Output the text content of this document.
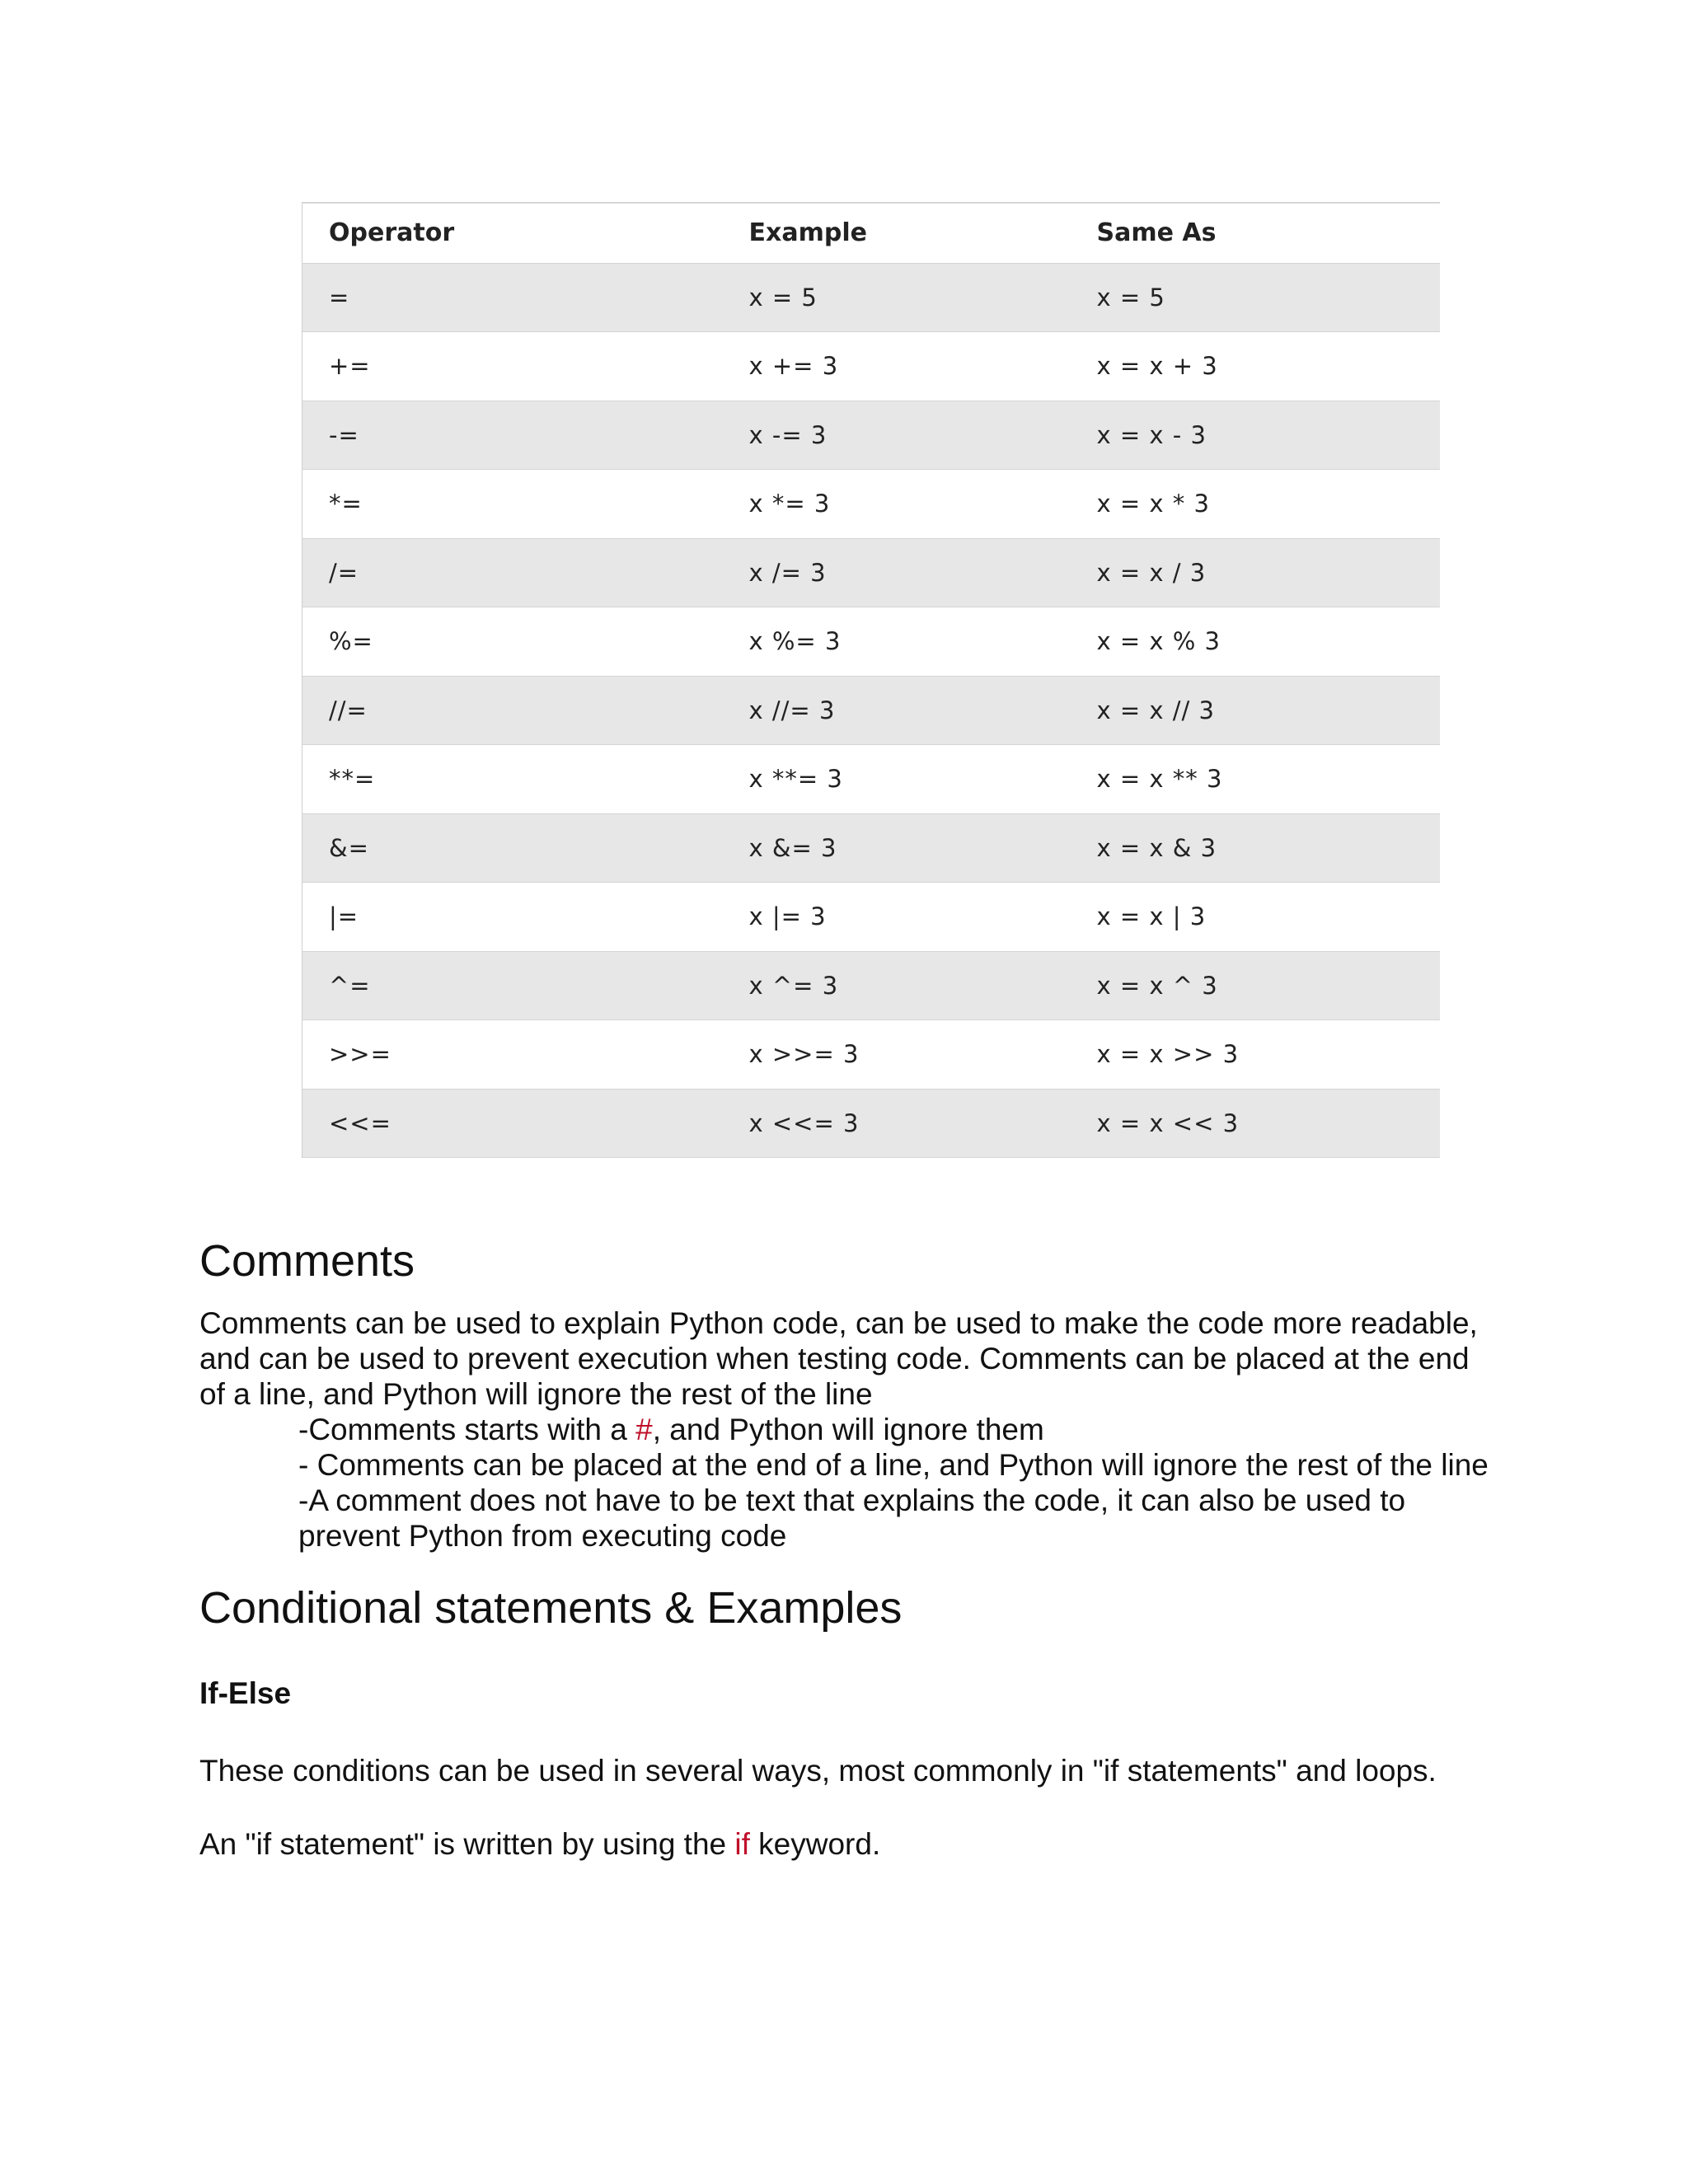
Operator	Example	Same As
=	x = 5	x = 5
+=	x += 3	x = x + 3
-=	x -= 3	x = x - 3
*=	x *= 3	x = x * 3
/=	x /= 3	x = x / 3
%=	x %= 3	x = x % 3
//=	x //= 3	x = x // 3
**=	x **= 3	x = x ** 3
&=	x &= 3	x = x & 3
|=	x |= 3	x = x | 3
^=	x ^= 3	x = x ^ 3
>>=	x >>= 3	x = x >> 3
<<=	x <<= 3	x = x << 3
Comments

Comments can be used to explain Python code, can be used to make the code more readable,
and can be used to prevent execution when testing code. Comments can be placed at the end
of a line, and Python will ignore the rest of the line

-Comments starts with a #, and Python will ignore them

- Comments can be placed at the end of a line, and Python will ignore the rest of the line

-A comment does not have to be text that explains the code, it can also be used to
prevent Python from executing code

Conditional statements & Examples

If-Else

These conditions can be used in several ways, most commonly in "if statements" and loops.

An "if statement" is written by using the if keyword.
